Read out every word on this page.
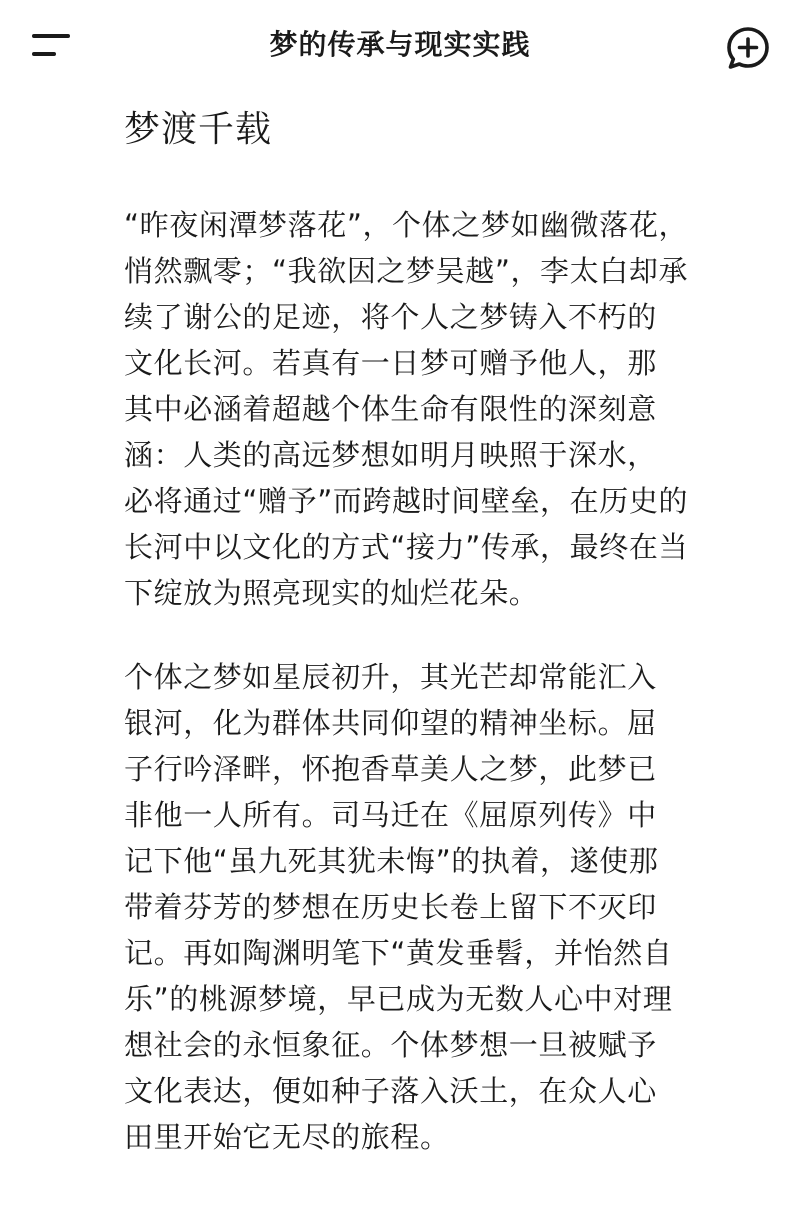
梦的传承与现实实践
梦渡千载

“昨夜闲潭梦落花”，个体之梦如幽微落花，
悄然飘零；“我欲因之梦吴越”，李太白却承
续了谢公的足迹，将个人之梦铸入不朽的
文化长河。若真有一日梦可赠予他人，那
其中必涵着超越个体生命有限性的深刻意
涵：人类的高远梦想如明月映照于深水，
必将通过“赠予”而跨越时间壁垒，在历史的
长河中以文化的方式“接力”传承，最终在当
下绽放为照亮现实的灿烂花朵。

个体之梦如星辰初升，其光芒却常能汇入
银河，化为群体共同仰望的精神坐标。屈
子行吟泽畔，怀抱香草美人之梦，此梦已
非他一人所有。司马迁在《屈原列传》中
记下他“虽九死其犹未悔”的执着，遂使那
带着芬芳的梦想在历史长卷上留下不灭印
记。再如陶渊明笔下“黄发垂髫，并怡然自
乐”的桃源梦境，早已成为无数人心中对理
想社会的永恒象征。个体梦想一旦被赋予
文化表达，便如种子落入沃土，在众人心
田里开始它无尽的旅程。
